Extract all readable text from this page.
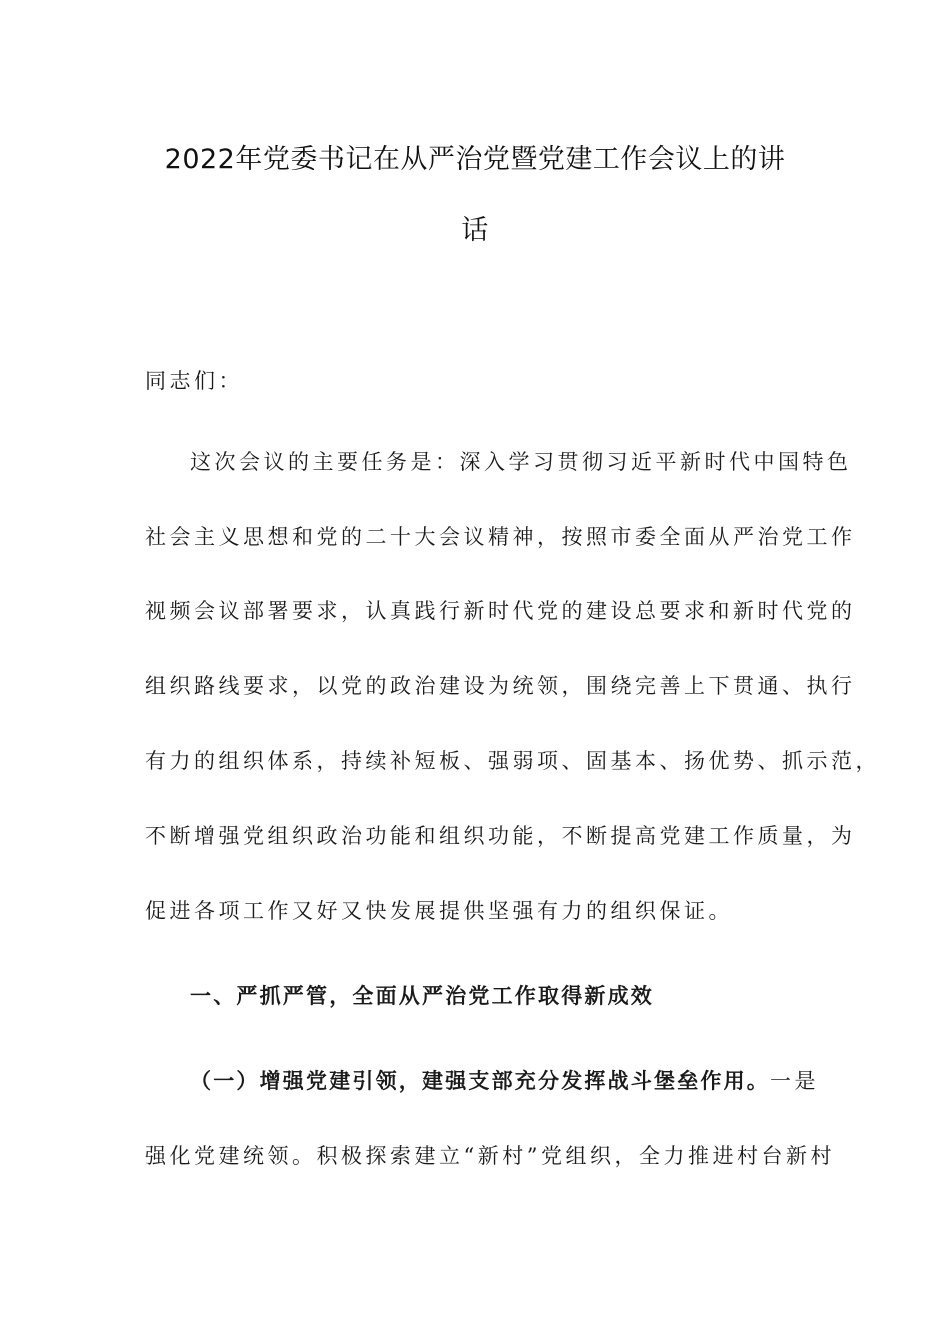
2022年党委书记在从严治党暨党建工作会议上的讲
话

同志们：

这次会议的主要任务是：深入学习贯彻习近平新时代中国特色

社会主义思想和党的二十大会议精神，按照市委全面从严治党工作

视频会议部署要求，认真践行新时代党的建设总要求和新时代党的

组织路线要求，以党的政治建设为统领，围绕完善上下贯通、执行

有力的组织体系，持续补短板、强弱项、固基本、扬优势、抓示范，

不断增强党组织政治功能和组织功能，不断提高党建工作质量，为

促进各项工作又好又快发展提供坚强有力的组织保证。

一、严抓严管，全面从严治党工作取得新成效

（一）增强党建引领，建强支部充分发挥战斗堡垒作用。一是

强化党建统领。积极探索建立“新村”党组织，全力推进村台新村
